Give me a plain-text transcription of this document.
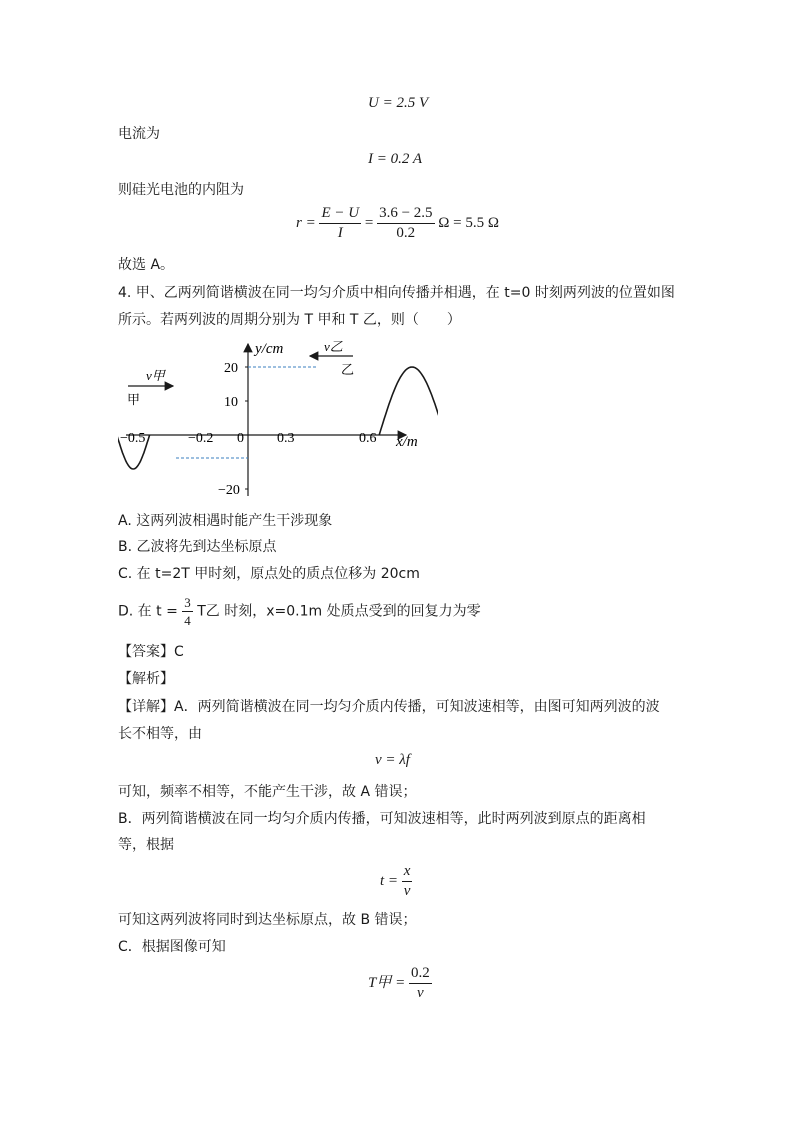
U = 2.5 V
电流为
I = 0.2 A
则硅光电池的内阻为
$r = \frac{E - U}{I} = \frac{3.6 - 2.5}{0.2}$ Ω = 5.5 Ω
故选 A。
4. 甲、乙两列简谐横波在同一均匀介质中相向传播并相遇，在 t=0 时刻两列波的位置如图
所示。若两列波的周期分别为 T 甲和 T 乙，则（　　）
v甲
v乙
甲
乙
y/cm
x/m
20
10
−20
−0.5	−0.2 0 0.3	0.6
A. 这两列波相遇时能产生干涉现象
B. 乙波将先到达坐标原点
C. 在 t=2T 甲时刻，原点处的质点位移为 20cm
D. 在 $t = \frac{3}{4}$ T乙 时刻，x=0.1m 处质点受到的回复力为零
【答案】C
【解析】
【详解】A．两列简谐横波在同一均匀介质内传播，可知波速相等，由图可知两列波的波
长不相等，由
v = λf
可知，频率不相等，不能产生干涉，故 A 错误；
B．两列简谐横波在同一均匀介质内传播，可知波速相等，此时两列波到原点的距离相
等，根据
$t = \frac{x}{v}$
可知这两列波将同时到达坐标原点，故 B 错误；
C．根据图像可知
T甲 = $\frac{0.2}{v}$
